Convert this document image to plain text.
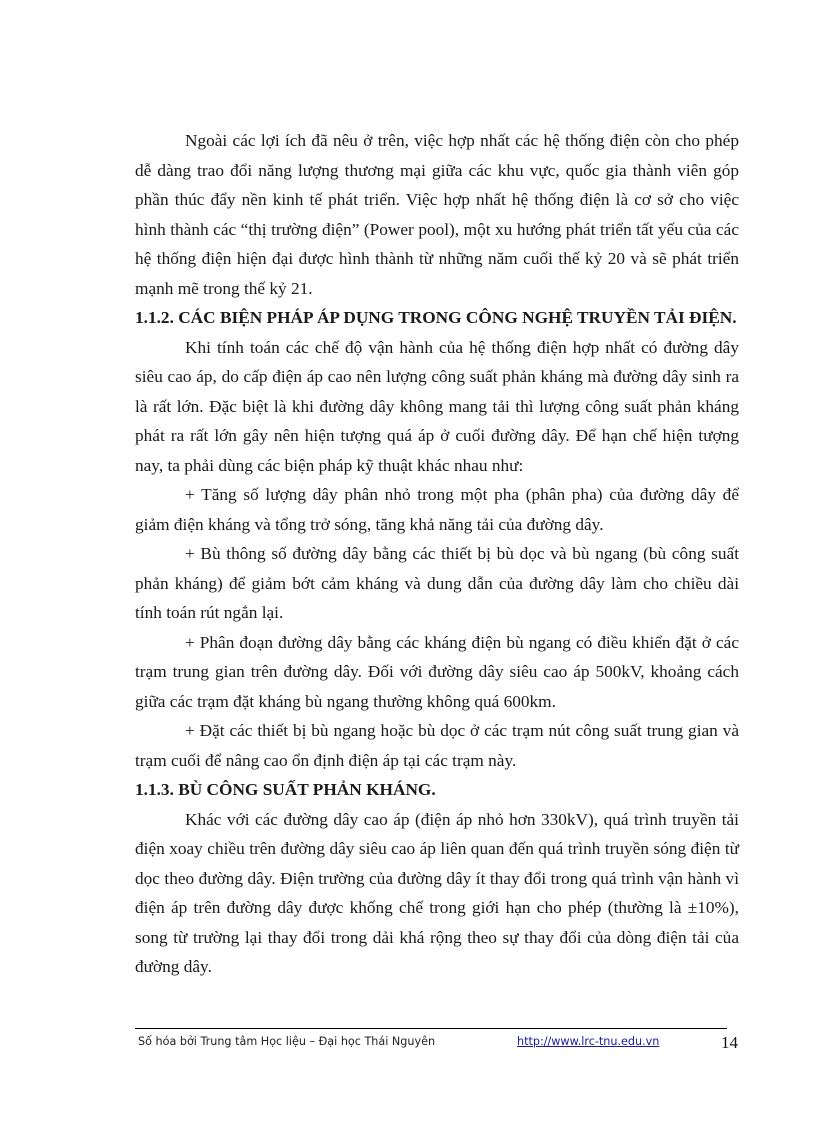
Ngoài các lợi ích đã nêu ở trên, việc hợp nhất các hệ thống điện còn cho phép dễ dàng trao đổi năng lượng thương mại giữa các khu vực, quốc gia thành viên góp phần thúc đẩy nền kinh tế phát triển. Việc hợp nhất hệ thống điện là cơ sở cho việc hình thành các “thị trường điện” (Power pool), một xu hướng phát triển tất yếu của các hệ thống điện hiện đại được hình thành từ những năm cuối thế kỷ 20 và sẽ phát triển mạnh mẽ trong thế kỷ 21.

1.1.2. CÁC BIỆN PHÁP ÁP DỤNG TRONG CÔNG NGHỆ TRUYỀN TẢI ĐIỆN.

Khi tính toán các chế độ vận hành của hệ thống điện hợp nhất có đường dây siêu cao áp, do cấp điện áp cao nên lượng công suất phản kháng mà đường dây sinh ra là rất lớn. Đặc biệt là khi đường dây không mang tải thì lượng công suất phản kháng phát ra rất lớn gây nên hiện tượng quá áp ở cuối đường dây. Để hạn chế hiện tượng nay, ta phải dùng các biện pháp kỹ thuật khác nhau như:

+ Tăng số lượng dây phân nhỏ trong một pha (phân pha) của đường dây để giảm điện kháng và tổng trở sóng, tăng khả năng tải của đường dây.

+ Bù thông số đường dây bằng các thiết bị bù dọc và bù ngang (bù công suất phản kháng) để giảm bớt cảm kháng và dung dẫn của đường dây làm cho chiều dài tính toán rút ngắn lại.

+ Phân đoạn đường dây bằng các kháng điện bù ngang có điều khiển đặt ở các trạm trung gian trên đường dây. Đối với đường dây siêu cao áp 500kV, khoảng cách giữa các trạm đặt kháng bù ngang thường không quá 600km.

+ Đặt các thiết bị bù ngang hoặc bù dọc ở các trạm nút công suất trung gian và trạm cuối để nâng cao ổn định điện áp tại các trạm này.

1.1.3. BÙ CÔNG SUẤT PHẢN KHÁNG.

Khác với các đường dây cao áp (điện áp nhỏ hơn 330kV), quá trình truyền tải điện xoay chiều trên đường dây siêu cao áp liên quan đến quá trình truyền sóng điện từ dọc theo đường dây. Điện trường của đường dây ít thay đổi trong quá trình vận hành vì điện áp trên đường dây được khống chế trong giới hạn cho phép (thường là ±10%), song từ trường lại thay đổi trong dải khá rộng theo sự thay đổi của dòng điện tải của đường dây.

Số hóa bởi Trung tâm Học liệu – Đại học Thái Nguyên	http://www.lrc-tnu.edu.vn	14
